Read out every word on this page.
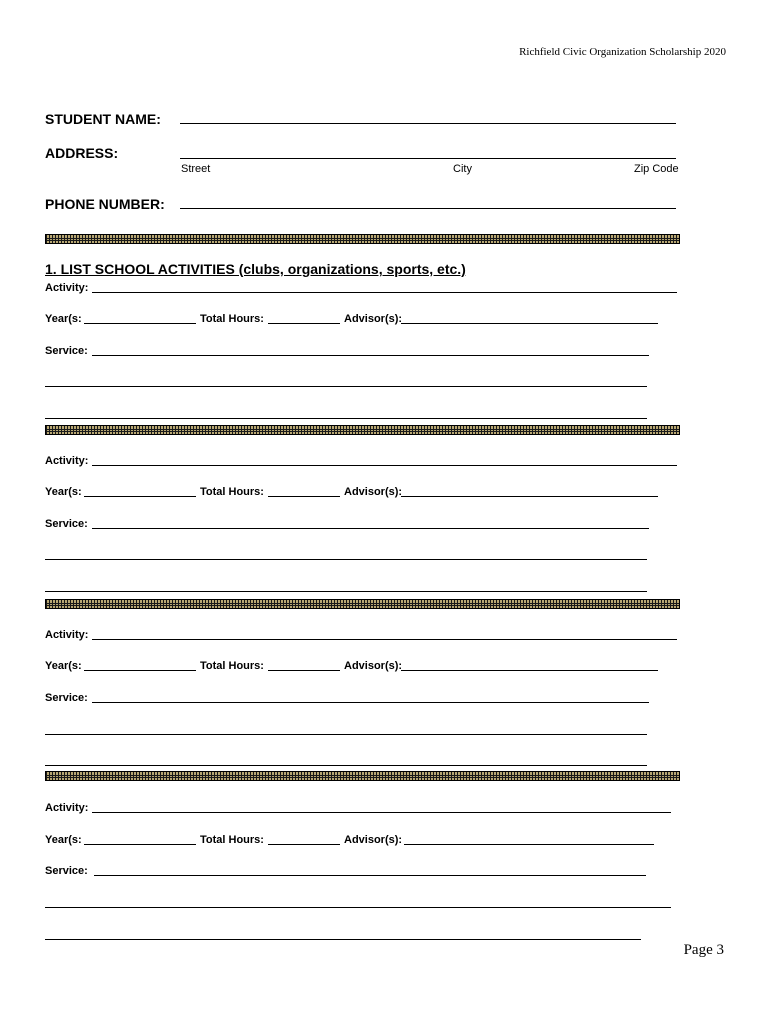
Richfield Civic Organization Scholarship 2020
STUDENT NAME:
ADDRESS:
Street	City	Zip Code
PHONE NUMBER:
1. LIST SCHOOL ACTIVITIES (clubs, organizations, sports, etc.)
Activity:
Year(s:	Total Hours:	Advisor(s):
Service:
Activity:
Year(s:	Total Hours:	Advisor(s):
Service:
Activity:
Year(s:	Total Hours:	Advisor(s):
Service:
Activity:
Year(s:	Total Hours:	Advisor(s):
Service:
Page 3
